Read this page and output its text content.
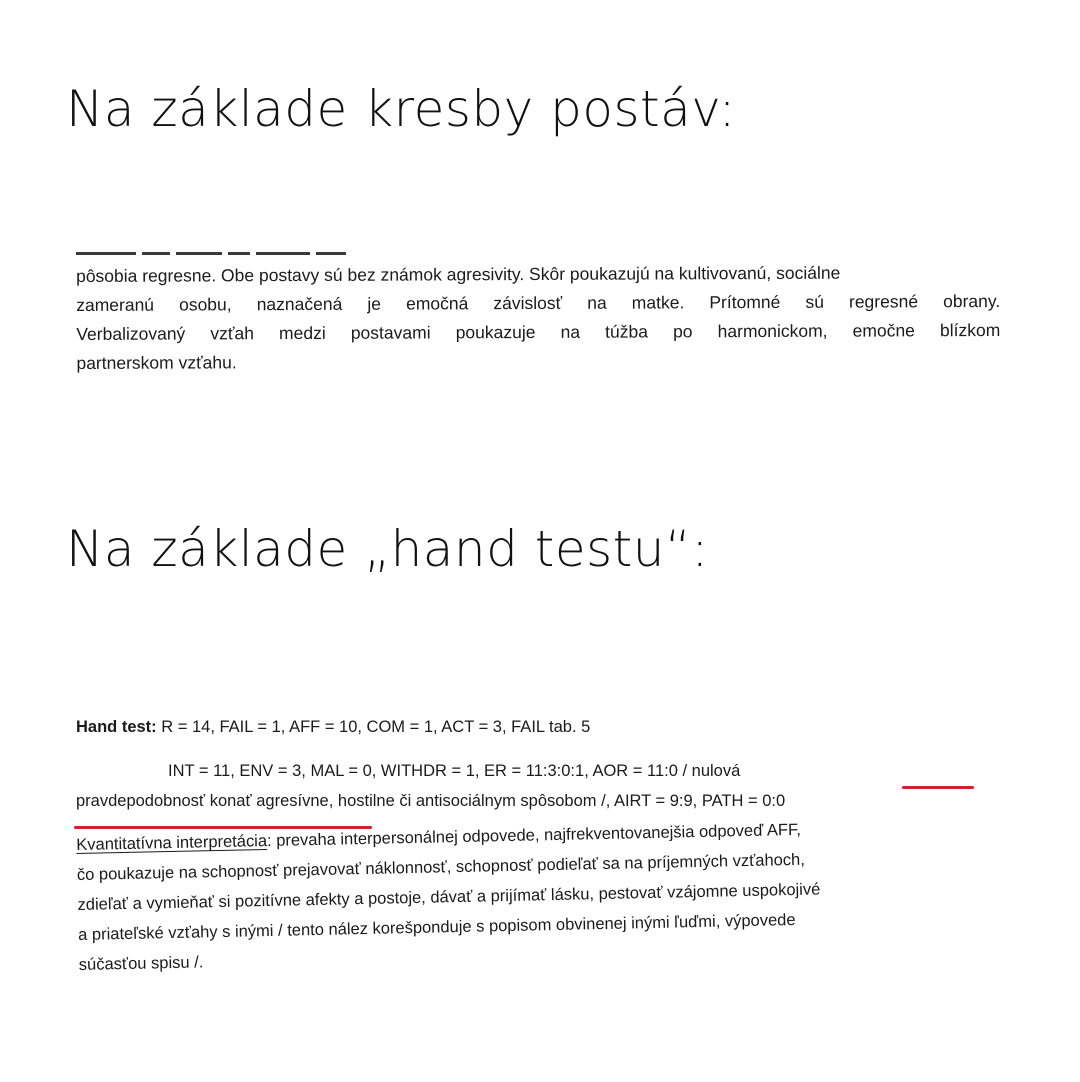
Na základe kresby postáv:
pôsobia regresne. Obe postavy sú bez známok agresivity. Skôr poukazujú na kultivovanú, sociálne
zameranú osobu, naznačená je emočná závislosť na matke. Prítomné sú regresné obrany.
Verbalizovaný vzťah medzi postavami poukazuje na túžba po harmonickom, emočne blízkom
partnerskom vzťahu.
Na základe „hand testu“:
Hand test: R = 14, FAIL = 1, AFF = 10, COM = 1, ACT = 3, FAIL tab. 5
INT = 11, ENV = 3, MAL = 0, WITHDR = 1, ER = 11:3:0:1, AOR = 11:0 / nulová
pravdepodobnosť konať agresívne, hostilne či antisociálnym spôsobom /, AIRT = 9:9, PATH = 0:0
Kvantitatívna interpretácia: prevaha interpersonálnej odpovede, najfrekventovanejšia odpoveď AFF,
čo poukazuje na schopnosť prejavovať náklonnosť, schopnosť podieľať sa na príjemných vzťahoch,
zdieľať a vymieňať si pozitívne afekty a postoje, dávať a prijímať lásku, pestovať vzájomne uspokojivé
a priateľské vzťahy s inými / tento nález korešponduje s popisom obvinenej inými ľuďmi, výpovede
súčasťou spisu /.
